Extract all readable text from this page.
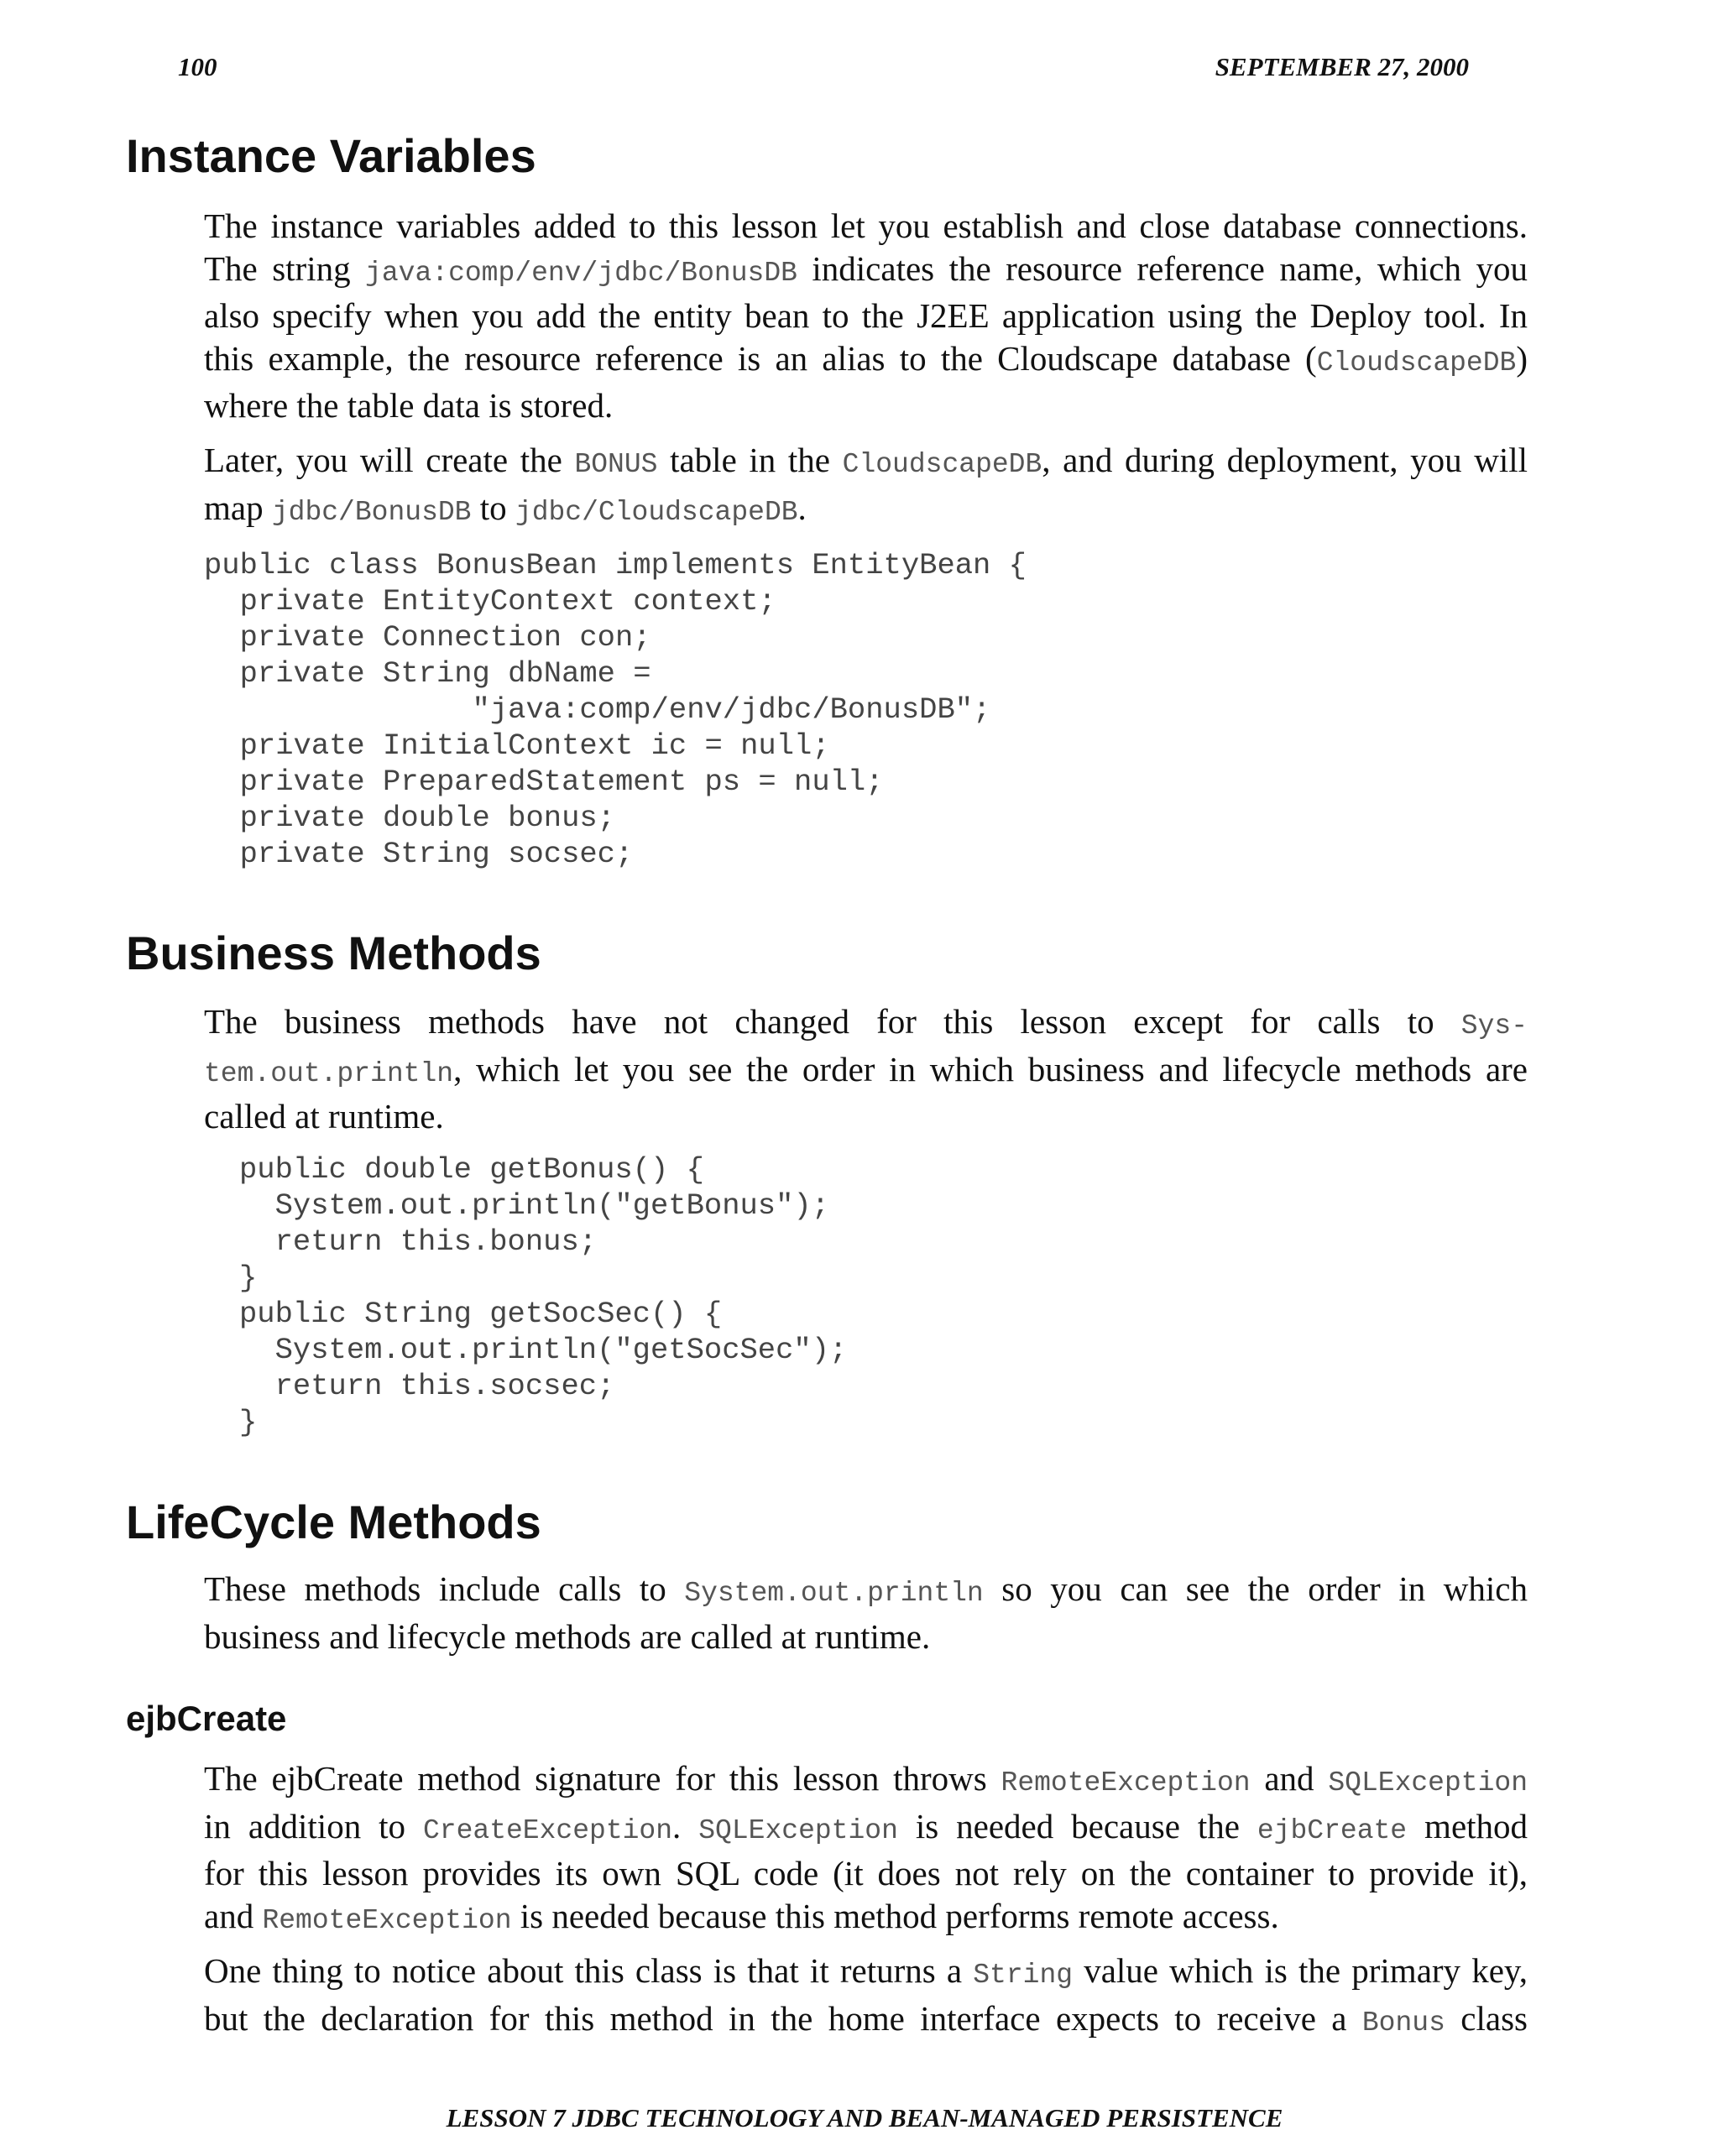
100	SEPTEMBER 27, 2000
Instance Variables

The instance variables added to this lesson let you establish and close database connections.
The string java:comp/env/jdbc/BonusDB indicates the resource reference name, which you
also specify when you add the entity bean to the J2EE application using the Deploy tool. In
this example, the resource reference is an alias to the Cloudscape database (CloudscapeDB)
where the table data is stored.

Later, you will create the BONUS table in the CloudscapeDB, and during deployment, you will
map jdbc/BonusDB to jdbc/CloudscapeDB.

public class BonusBean implements EntityBean {
private EntityContext context;
private Connection con;
private String dbName =
"java:comp/env/jdbc/BonusDB";
private InitialContext ic = null;
private PreparedStatement ps = null;
private double bonus;
private String socsec;
Business Methods

The business methods have not changed for this lesson except for calls to Sys-
tem.out.println, which let you see the order in which business and lifecycle methods are
called at runtime.

public double getBonus() {
System.out.println("getBonus");
return this.bonus;
}
public String getSocSec() {
System.out.println("getSocSec");
return this.socsec;
}
LifeCycle Methods

These methods include calls to System.out.println so you can see the order in which
business and lifecycle methods are called at runtime.

ejbCreate

The ejbCreate method signature for this lesson throws RemoteException and SQLException
in addition to CreateException. SQLException is needed because the ejbCreate method
for this lesson provides its own SQL code (it does not rely on the container to provide it),
and RemoteException is needed because this method performs remote access.

One thing to notice about this class is that it returns a String value which is the primary key,
but the declaration for this method in the home interface expects to receive a Bonus class

LESSON 7 JDBC TECHNOLOGY AND BEAN-MANAGED PERSISTENCE
